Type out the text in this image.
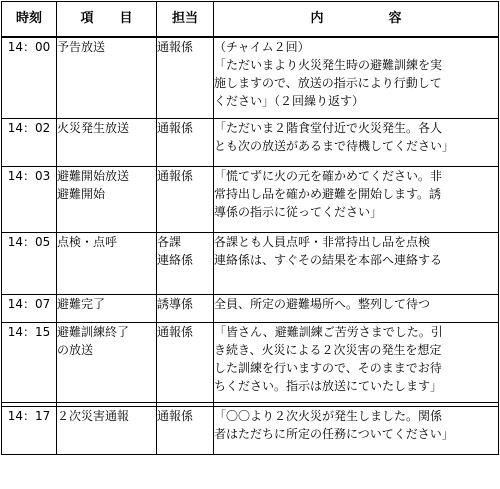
時刻	項　　目	担当	内　　　　　容
14：00	予告放送	通報係	（チャイム２回）
「ただいまより火災発生時の避難訓練を実
施しますので、放送の指示により行動して
ください」（２回繰り返す）

14：02	火災発生放送	通報係	「ただいま２階食堂付近で火災発生。各人
とも次の放送があるまで待機してください」

14：03	避難開始放送
避難開始	通報係	「慌てずに火の元を確かめてください。非
常持出し品を確かめ避難を開始します。誘
導係の指示に従ってください」

14：05	点検・点呼	各課
連絡係	各課とも人員点呼・非常持出し品を点検
連絡係は、すぐその結果を本部へ連絡する

14：07	避難完了	誘導係	全員、所定の避難場所へ。整列して待つ

14：15	避難訓練終了
の放送	通報係	「皆さん、避難訓練ご苦労さまでした。引
き続き、火災による２次災害の発生を想定
した訓練を行いますので、そのままでお待
ちください。指示は放送にていたします」

14：17	２次災害通報	通報係	「〇〇より２次火災が発生しました。関係
者はただちに所定の任務についてください」
